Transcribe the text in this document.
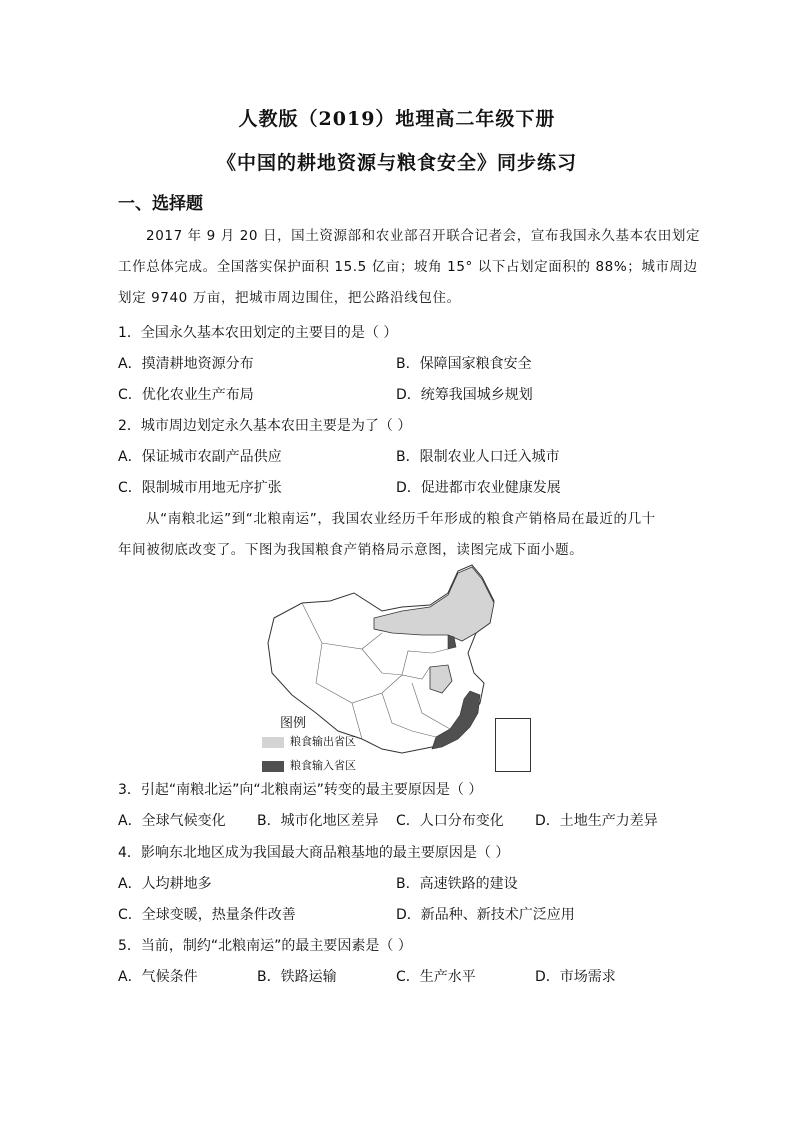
人教版（2019）地理高二年级下册
《中国的耕地资源与粮食安全》同步练习
一、选择题
2017 年 9 月 20 日，国土资源部和农业部召开联合记者会，宣布我国永久基本农田划定
工作总体完成。全国落实保护面积 15.5 亿亩；坡角 15° 以下占划定面积的 88%；城市周边
划定 9740 万亩，把城市周边围住，把公路沿线包住。
1．全国永久基本农田划定的主要目的是（ ）
A．摸清耕地资源分布	B．保障国家粮食安全
C．优化农业生产布局	D．统筹我国城乡规划
2．城市周边划定永久基本农田主要是为了（ ）
A．保证城市农副产品供应	B．限制农业人口迁入城市
C．限制城市用地无序扩张	D．促进都市农业健康发展
从“南粮北运”到“北粮南运”，我国农业经历千年形成的粮食产销格局在最近的几十
年间被彻底改变了。下图为我国粮食产销格局示意图，读图完成下面小题。
图例
粮食输出省区
粮食输入省区
3．引起“南粮北运”向“北粮南运”转变的最主要原因是（ ）
A．全球气候变化 B．城市化地区差异 C．人口分布变化 D．土地生产力差异
4．影响东北地区成为我国最大商品粮基地的最主要原因是（ ）
A．人均耕地多	B．高速铁路的建设
C．全球变暖，热量条件改善	D．新品种、新技术广泛应用
5．当前，制约“北粮南运”的最主要因素是（ ）
A．气候条件	B．铁路运输	C．生产水平	D．市场需求
